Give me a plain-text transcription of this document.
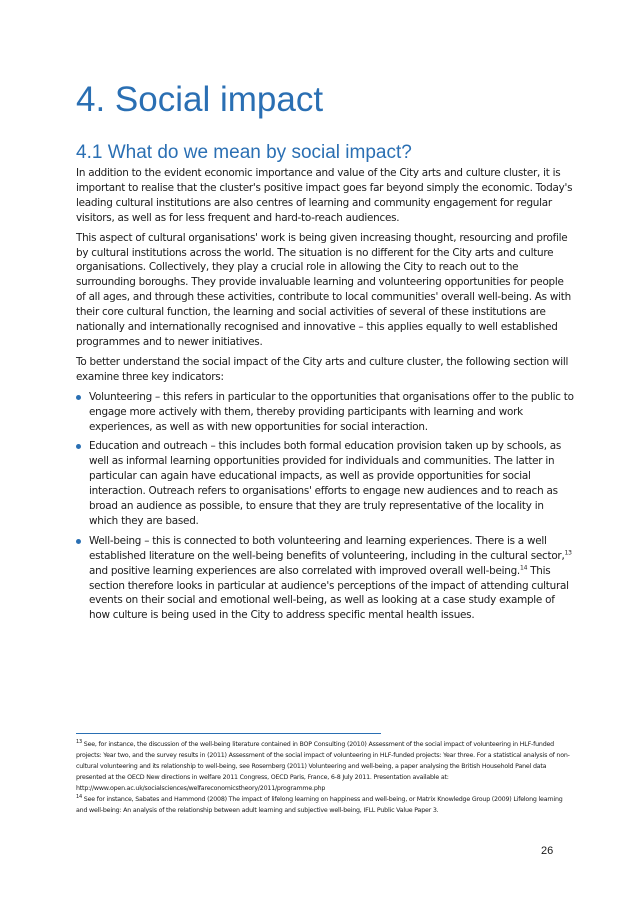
4. Social impact
4.1 What do we mean by social impact?

In addition to the evident economic importance and value of the City arts and culture cluster, it is important to realise that the cluster's positive impact goes far beyond simply the economic. Today's leading cultural institutions are also centres of learning and community engagement for regular visitors, as well as for less frequent and hard-to-reach audiences.

This aspect of cultural organisations' work is being given increasing thought, resourcing and profile by cultural institutions across the world. The situation is no different for the City arts and culture organisations. Collectively, they play a crucial role in allowing the City to reach out to the surrounding boroughs. They provide invaluable learning and volunteering opportunities for people of all ages, and through these activities, contribute to local communities' overall well-being. As with their core cultural function, the learning and social activities of several of these institutions are nationally and internationally recognised and innovative – this applies equally to well established programmes and to newer initiatives.

To better understand the social impact of the City arts and culture cluster, the following section will examine three key indicators:

Volunteering – this refers in particular to the opportunities that organisations offer to the public to engage more actively with them, thereby providing participants with learning and work experiences, as well as with new opportunities for social interaction.
Education and outreach – this includes both formal education provision taken up by schools, as well as informal learning opportunities provided for individuals and communities. The latter in particular can again have educational impacts, as well as provide opportunities for social interaction. Outreach refers to organisations' efforts to engage new audiences and to reach as broad an audience as possible, to ensure that they are truly representative of the locality in which they are based.
Well-being – this is connected to both volunteering and learning experiences. There is a well established literature on the well-being benefits of volunteering, including in the cultural sector,$^{13}$ and positive learning experiences are also correlated with improved overall well-being.$^{14}$ This section therefore looks in particular at audience's perceptions of the impact of attending cultural events on their social and emotional well-being, as well as looking at a case study example of how culture is being used in the City to address specific mental health issues.

$^{13}$ See, for instance, the discussion of the well-being literature contained in BOP Consulting (2010) Assessment of the social impact of volunteering in HLF-funded projects: Year two, and the survey results in (2011) Assessment of the social impact of volunteering in HLF-funded projects: Year three. For a statistical analysis of non-cultural volunteering and its relationship to well-being, see Rosemberg (2011) Volunteering and well-being, a paper analysing the British Household Panel data presented at the OECD New directions in welfare 2011 Congress, OECD Paris, France, 6-8 July 2011. Presentation available at: http://www.open.ac.uk/socialsciences/welfareconomicstheory/2011/programme.php

$^{14}$ See for instance, Sabates and Hammond (2008) The impact of lifelong learning on happiness and well-being, or Matrix Knowledge Group (2009) Lifelong learning and well-being: An analysis of the relationship between adult learning and subjective well-being, IFLL Public Value Paper 3.

26
